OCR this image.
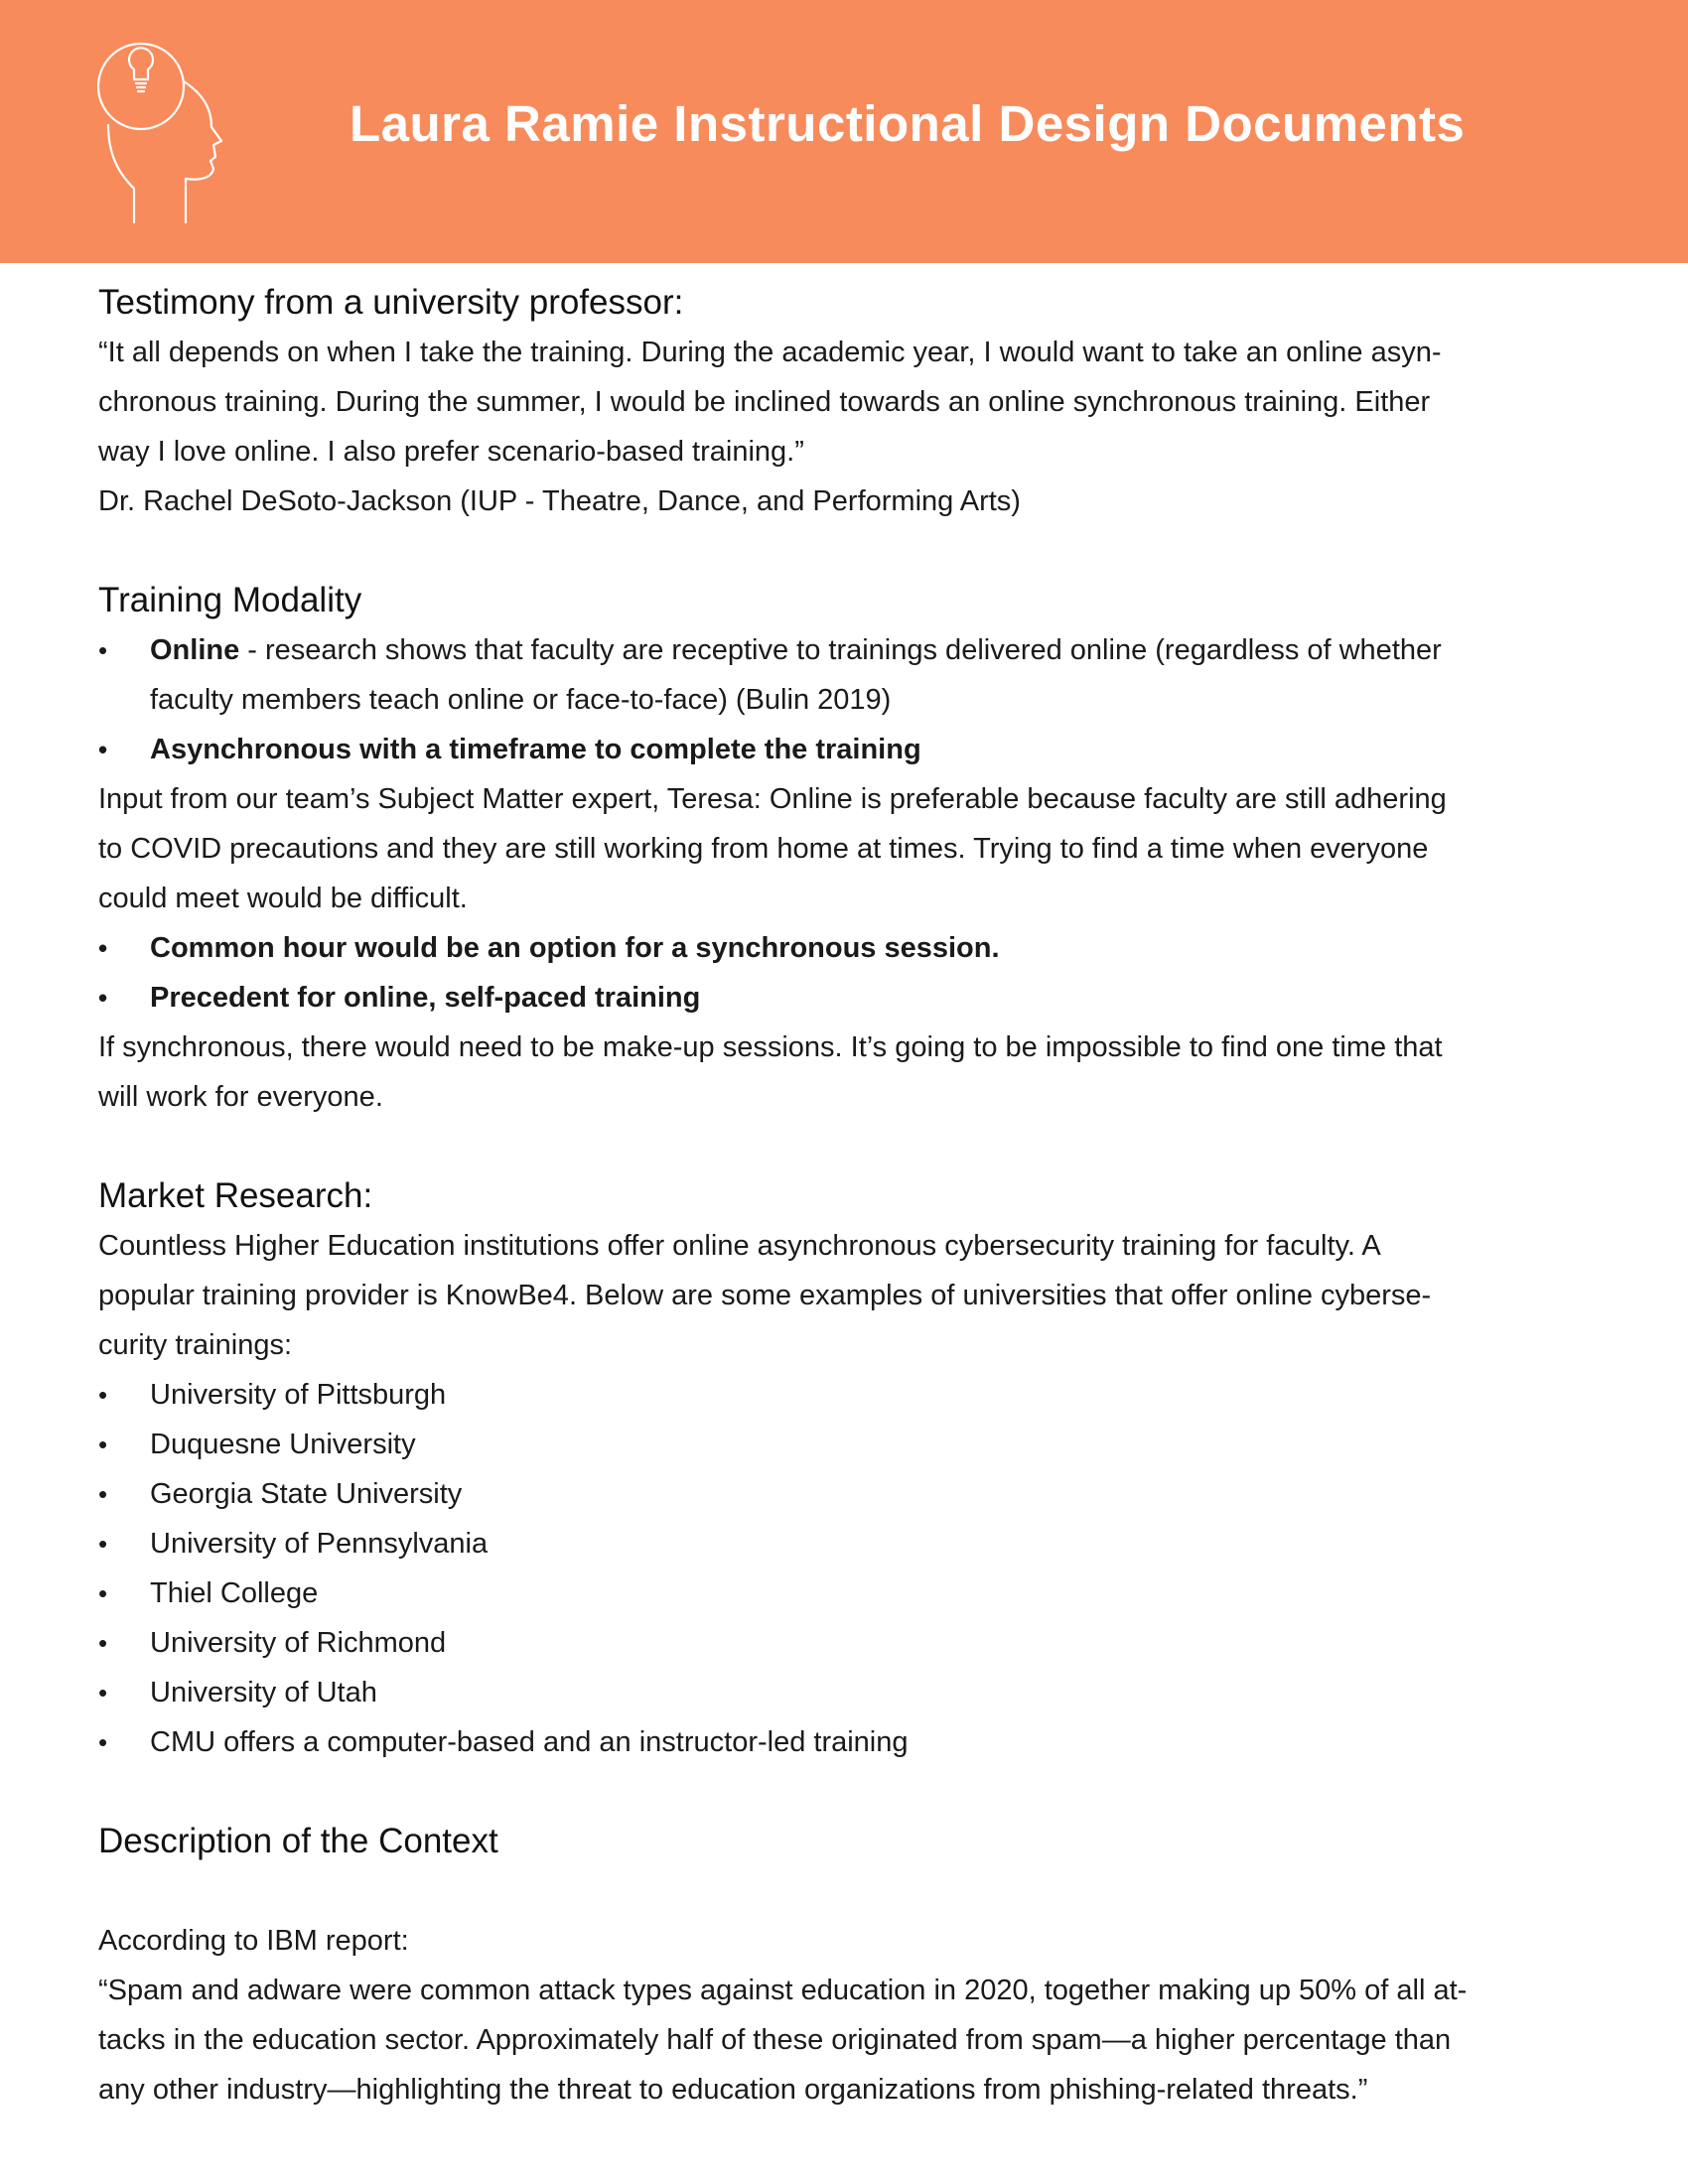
Laura Ramie Instructional Design Documents
Testimony from a university professor:

“It all depends on when I take the training. During the academic year, I would want to take an online asyn-
chronous training. During the summer, I would be inclined towards an online synchronous training. Either
way I love online. I also prefer scenario-based training.”
Dr. Rachel DeSoto-Jackson (IUP - Theatre, Dance, and Performing Arts)

Training Modality
• Online - research shows that faculty are receptive to trainings delivered online (regardless of whether
faculty members teach online or face-to-face) (Bulin 2019)
• Asynchronous with a timeframe to complete the training

Input from our team’s Subject Matter expert, Teresa: Online is preferable because faculty are still adhering
to COVID precautions and they are still working from home at times. Trying to find a time when everyone
could meet would be difficult.

• Common hour would be an option for a synchronous session.
• Precedent for online, self-paced training

If synchronous, there would need to be make-up sessions. It’s going to be impossible to find one time that
will work for everyone.

Market Research:

Countless Higher Education institutions offer online asynchronous cybersecurity training for faculty. A
popular training provider is KnowBe4. Below are some examples of universities that offer online cyberse-
curity trainings:

• University of Pittsburgh
• Duquesne University
• Georgia State University
• University of Pennsylvania
• Thiel College
• University of Richmond
• University of Utah
• CMU offers a computer-based and an instructor-led training
Description of the Context

According to IBM report:

“Spam and adware were common attack types against education in 2020, together making up 50% of all at-
tacks in the education sector. Approximately half of these originated from spam—a higher percentage than
any other industry—highlighting the threat to education organizations from phishing-related threats.”
